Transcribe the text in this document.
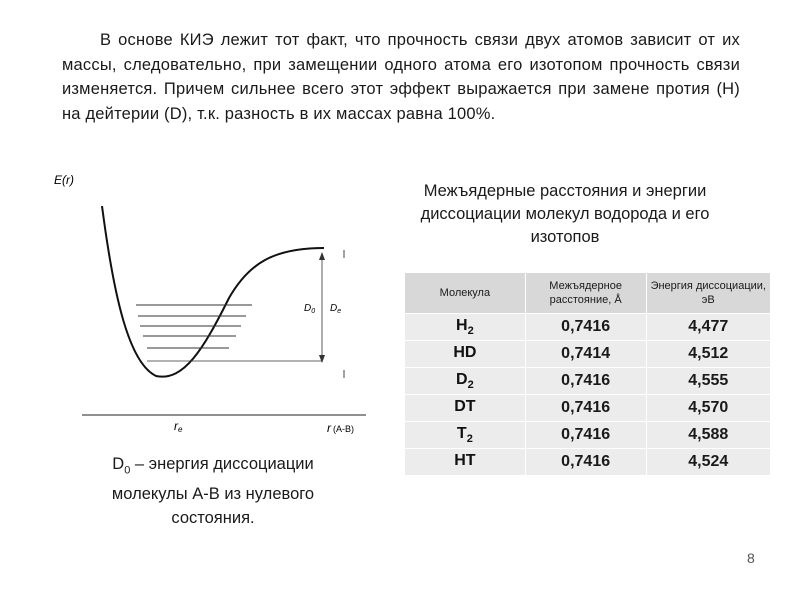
В основе КИЭ лежит тот факт, что прочность связи двух атомов зависит от их массы, следовательно, при замещении одного атома его изотопом прочность связи изменяется. Причем сильнее всего этот эффект выражается при замене протия (H) на дейтерии (D), т.к. разность в их массах равна 100%.
E(r)
$D_0$ $D_e$
re	r (A-B)
$D_0$ – энергия диссоциации молекулы А-В из нулевого состояния.
Межъядерные расстояния и энергии диссоциации молекул водорода и его изотопов
Молекула	Межъядерное расстояние, Å	Энергия диссоциации, эВ
$H_2$	0,7416	4,477
HD	0,7414	4,512
$D_2$	0,7416	4,555
DT	0,7416	4,570
$T_2$	0,7416	4,588
HT	0,7416	4,524
8
